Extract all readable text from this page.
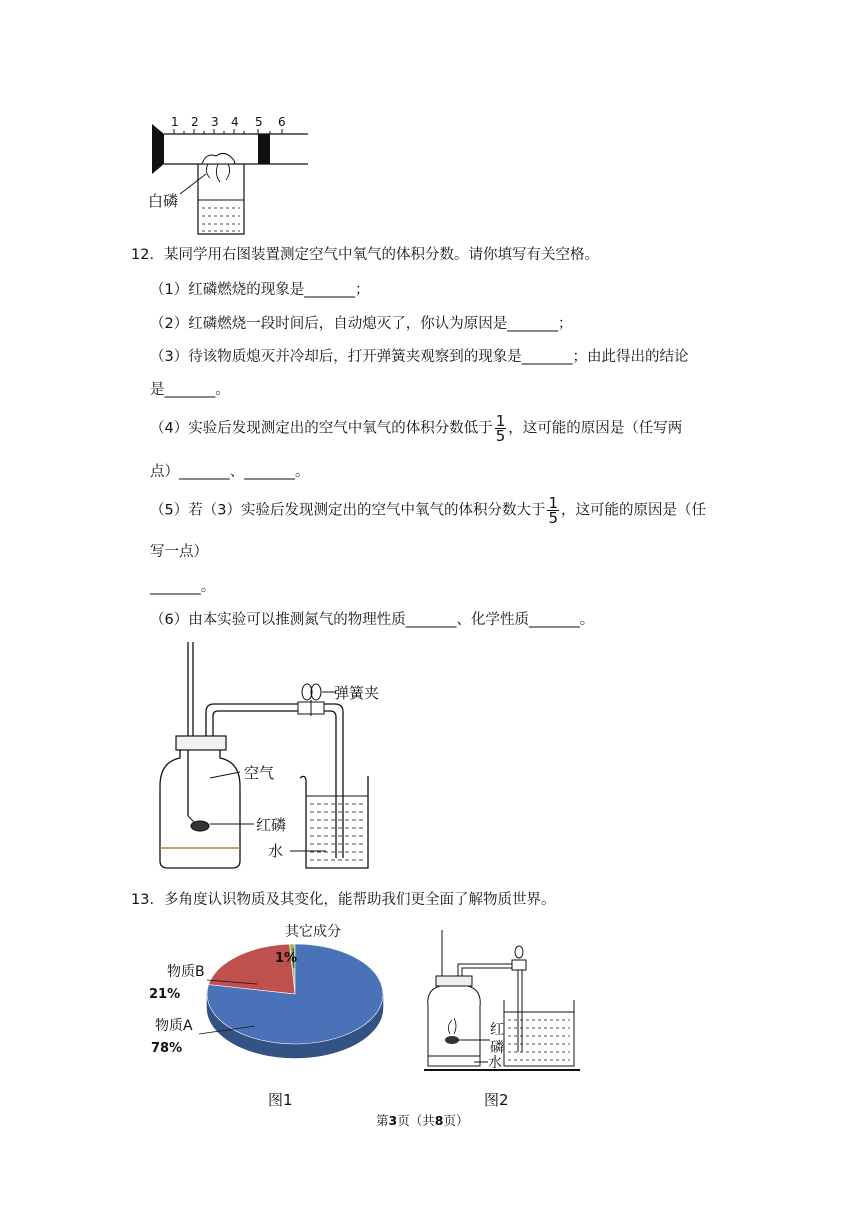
1 2 3 4 5 6
白磷
12．某同学用右图装置测定空气中氧气的体积分数。请你填写有关空格。
（1）红磷燃烧的现象是_______；
（2）红磷燃烧一段时间后，自动熄灭了，你认为原因是_______；
（3）待该物质熄灭并冷却后，打开弹簧夹观察到的现象是_______；由此得出的结论
是_______。
（4）实验后发现测定出的空气中氧气的体积分数低于 $\frac{1}{5}$ ，这可能的原因是（任写两
点）_______、_______。
（5）若（3）实验后发现测定出的空气中氧气的体积分数大于 $\frac{1}{5}$ ，这可能的原因是（任
写一点）
_______。
（6）由本实验可以推测氮气的物理性质_______、化学性质_______。
弹簧夹
空气
红磷
水
13．多角度认识物质及其变化，能帮助我们更全面了解物质世界。
其它成分
1%
物质B
21%
物质A
78%
红
磷
水
图1	图2
第3页（共8页）
